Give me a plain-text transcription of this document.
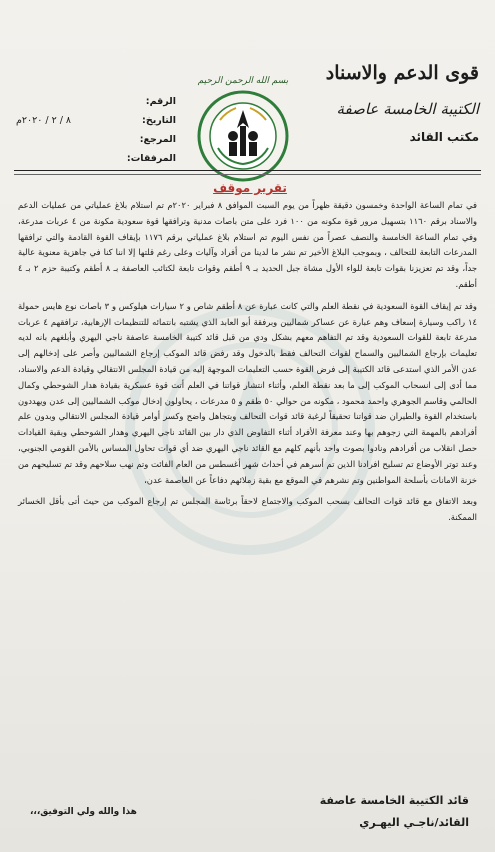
قوى الدعم والاسناد
الكتيبة الخامسة عاصفة
مكتب القائد
بسم الله الرحمن الرحيم
الرقم:
التاريخ:
٨ / ٢ / ٢٠٢٠م
المرجع:
المرفقات:
تقرير موقف

في تمام الساعة الواحدة وخمسون دقيقة ظهراً من يوم السبت الموافق ٨ فبراير ٢٠٢٠م تم استلام بلاغ عملياتي من عمليات الدعم والاسناد برقم ١١٦٠ بتسهيل مرور قوة مكونه من ١٠٠ فرد على متن باصات مدنية وترافقها قوة سعودية مكونة من ٤ عربات مدرعة، وفي تمام الساعة الخامسة والنصف عصراً من نفس اليوم تم استلام بلاغ عملياتي برقم ١١٧٦ بإيقاف القوة القادمة والتي ترافقها المدرعات التابعة للتحالف ، وبموجب البلاغ الأخير تم نشر ما لدينا من أفراد وآليات وعلى رغم قلتها إلا اننا كنا في جاهزية معنوية عالية جداً، وقد تم تعزيزنا بقوات تابعة للواء الأول مشاة جبل الحديد بـ ٩ أطقم وقوات تابعة لكتائب العاصفة بـ ٨ أطقم وكتيبة حزم ٢ بـ ٤ أطقم.

وقد تم إيقاف القوة السعودية في نقطة العلم والتي كانت عبارة عن ٨ أطقم شاص و ٢ سيارات هيلوكس و ٣ باصات نوع هايس حمولة ١٤ راكب وسيارة إسعاف وهم عبارة عن عساكر شماليين وبرفقة أبو العابد الذي يشتبه بانتمائه للتنظيمات الإرهابية، ترافقهم ٤ عربات مدرعة تابعة للقوات السعودية وقد تم التفاهم معهم بشكل ودي من قبل قائد كتيبة الخامسة عاصفة ناجي اليهري وأبلغهم بانه لديه تعليمات بإرجاع الشماليين والسماح لقوات التحالف فقط بالدخول وقد رفض قائد الموكب إرجاع الشماليين وأصر على إدخالهم إلى عدن الأمر الذي استدعى قائد الكتيبة إلى فرض القوة حسب التعليمات الموجهة إليه من قيادة المجلس الانتقالي وقيادة الدعم والاسناد، مما أدى إلى انسحاب الموكب إلى ما بعد نقطة العلم، وأثناء انتشار قواتنا في العلم أتت قوة عسكرية بقيادة هدار الشوحطي وكمال الحالمي وقاسم الجوهري واحمد محمود ، مكونه من حوالي ٥٠ طقم و ٥ مدرعات ، يحاولون إدخال موكب الشماليين إلى عدن ويهددون باستخدام القوة والطيران ضد قواتنا تحقيقاً لرغبة قائد قوات التحالف وبتجاهل واضح وكسر أوامر قيادة المجلس الانتقالي وبدون علم أفرادهم بالمهمة التي زجوهم بها وعند معرفة الأفراد أثناء التفاوض الذي دار بين القائد ناجي اليهري وهدار الشوحطي وبقية القيادات حصل انقلاب من أفرادهم ونادوا بصوت واحد بأنهم كلهم مع القائد ناجي اليهري ضد أي قوات تحاول المساس بالأمن القومي الجنوبي، وعند توتر الأوضاع تم تسليح افرادنا الذين تم أسرهم في أحداث شهر أغسطس من العام الفائت وتم نهب سلاحهم وقد تم تسليحهم من خزنة الامانات بأسلحة المواطنين وتم نشرهم في الموقع مع بقية زملائهم دفاعاً عن العاصمة عدن،

وبعد الاتفاق مع قائد قوات التحالف بسحب الموكب والاجتماع لاحقاً برئاسة المجلس تم إرجاع الموكب من حيث أتى بأقل الخسائر الممكنة.

هذا والله ولي التوفيق،،،
قائد الكتيبة الخامسة عاصفة
القائد/ناجـي اليهـري
